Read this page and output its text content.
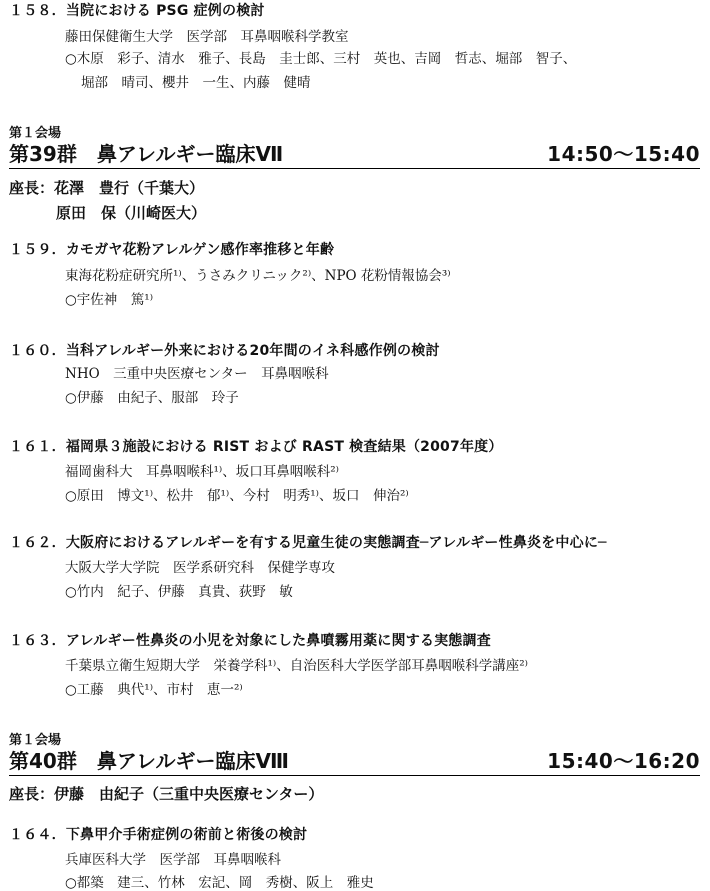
１５８．当院における PSG 症例の検討
藤田保健衛生大学　医学部　耳鼻咽喉科学教室
○木原　彩子、清水　雅子、長島　圭士郎、三村　英也、吉岡　哲志、堀部　智子、
堀部　晴司、櫻井　一生、内藤　健晴
第１会場
第39群　鼻アレルギー臨床Ⅶ	14:50〜15:40
座長：花澤　豊行（千葉大）
原田　保（川崎医大）
１５９．カモガヤ花粉アレルゲン感作率推移と年齢
東海花粉症研究所¹⁾、うさみクリニック²⁾、NPO 花粉情報協会³⁾
○宇佐神　篤¹⁾
１６０．当科アレルギー外来における20年間のイネ科感作例の検討
NHO　三重中央医療センター　耳鼻咽喉科
○伊藤　由紀子、服部　玲子
１６１．福岡県３施設における RIST および RAST 検査結果（2007年度）
福岡歯科大　耳鼻咽喉科¹⁾、坂口耳鼻咽喉科²⁾
○原田　博文¹⁾、松井　郁¹⁾、今村　明秀¹⁾、坂口　伸治²⁾
１６２．大阪府におけるアレルギーを有する児童生徒の実態調査─アレルギー性鼻炎を中心に─
大阪大学大学院　医学系研究科　保健学専攻
○竹内　紀子、伊藤　真貴、荻野　敏
１６３．アレルギー性鼻炎の小児を対象にした鼻噴霧用薬に関する実態調査
千葉県立衛生短期大学　栄養学科¹⁾、自治医科大学医学部耳鼻咽喉科学講座²⁾
○工藤　典代¹⁾、市村　恵一²⁾
第１会場
第40群　鼻アレルギー臨床Ⅷ	15:40〜16:20
座長：伊藤　由紀子（三重中央医療センター）
１６４．下鼻甲介手術症例の術前と術後の検討
兵庫医科大学　医学部　耳鼻咽喉科
○都築　建三、竹林　宏記、岡　秀樹、阪上　雅史
